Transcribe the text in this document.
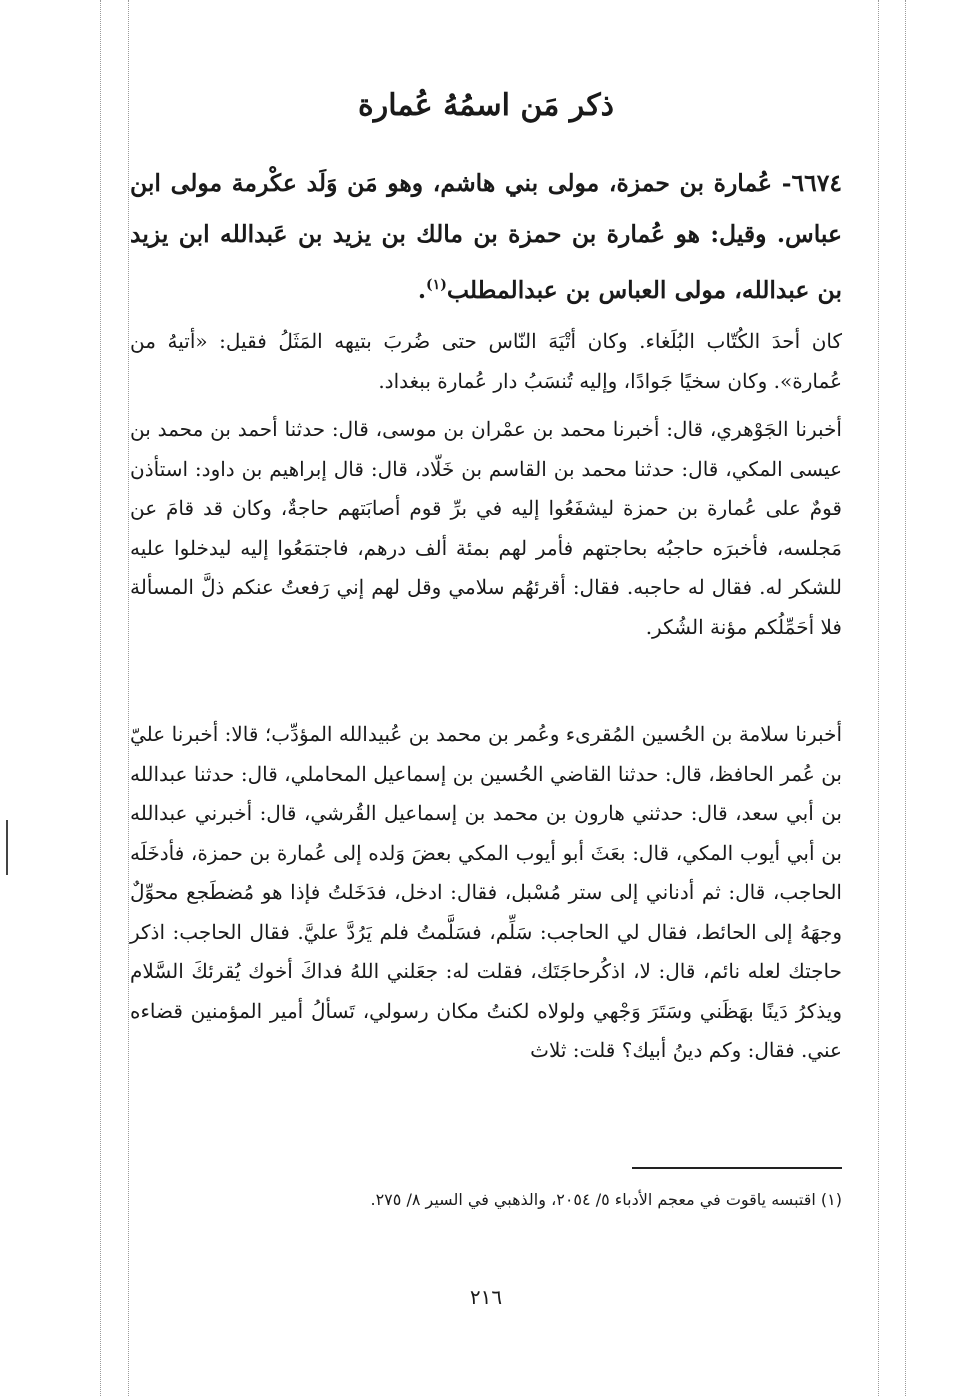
ذكر مَن اسمُهُ عُمارة

٦٦٧٤- عُمارة بن حمزة، مولى بني هاشم، وهو مَن وَلَد عكْرمة مولى ابن عباس. وقيل: هو عُمارة بن حمزة بن مالك بن يزيد بن عَبدالله ابن يزيد بن عبدالله، مولى العباس بن عبدالمطلب$^{(١)}$.

كان أحدَ الكُتّاب البُلَغاء. وكان أتْيَهَ النّاس حتى ضُربَ بتيهه المَثَلُ فقيل: «أتيهُ من عُمارة». وكان سخيًا جَوادًا، وإليه تُنسَبُ دار عُمارة ببغداد.

أخبرنا الجَوْهري، قال: أخبرنا محمد بن عمْران بن موسى، قال: حدثنا أحمد بن محمد بن عيسى المكي، قال: حدثنا محمد بن القاسم بن خَلّاد، قال: قال إبراهيم بن داود: استأذن قومٌ على عُمارة بن حمزة ليشفَعُوا إليه في برِّ قوم أصابَتهم حاجةٌ، وكان قد قامَ عن مَجلسه، فأخبرَه حاجبُه بحاجتهم فأمر لهم بمئة ألف درهم، فاجتمَعُوا إليه ليدخلوا عليه للشكر له. فقال له حاجبه. فقال: أقرئهُم سلامي وقل لهم إني رَفعتُ عنكم ذلَّ المسألة فلا أحَمِّلُكم مؤنة الشُكر.

أخبرنا سلامة بن الحُسين المُقرىء وعُمر بن محمد بن عُبيدالله المؤدِّب؛ قالا: أخبرنا عليّ بن عُمر الحافظ، قال: حدثنا القاضي الحُسين بن إسماعيل المحاملي، قال: حدثنا عبدالله بن أبي سعد، قال: حدثني هارون بن محمد بن إسماعيل القُرشي، قال: أخبرني عبدالله بن أبي أيوب المكي، قال: بعَثَ أبو أيوب المكي بعضَ وَلده إلى عُمارة بن حمزة، فأدخَلَه الحاجب، قال: ثم أدناني إلى ستر مُسْبل، فقال: ادخل، فدَخَلتُ فإذا هو مُضطَجع محوِّلٌ وجهَهُ إلى الحائط، فقال لي الحاجب: سَلِّم، فسَلَّمتُ فلم يَرُدَّ عليَّ. فقال الحاجب: اذكر حاجتك لعله نائم، قال: لا، اذكُرحاجَتَك، فقلت له: جعَلني اللهُ فداكَ أخوك يُقرئكَ السَّلام ويذكرُ دَينًا بهَظَني وسَتَرَ وَجْهي ولولاه لكنتُ مكان رسولي، تَسألُ أمير المؤمنين قضاءه عني. فقال: وكم دينُ أبيك؟ قلت: ثلاث

(١) اقتبسه ياقوت في معجم الأدباء ٥/ ٢٠٥٤، والذهبي في السير ٨/ ٢٧٥.

٢١٦
